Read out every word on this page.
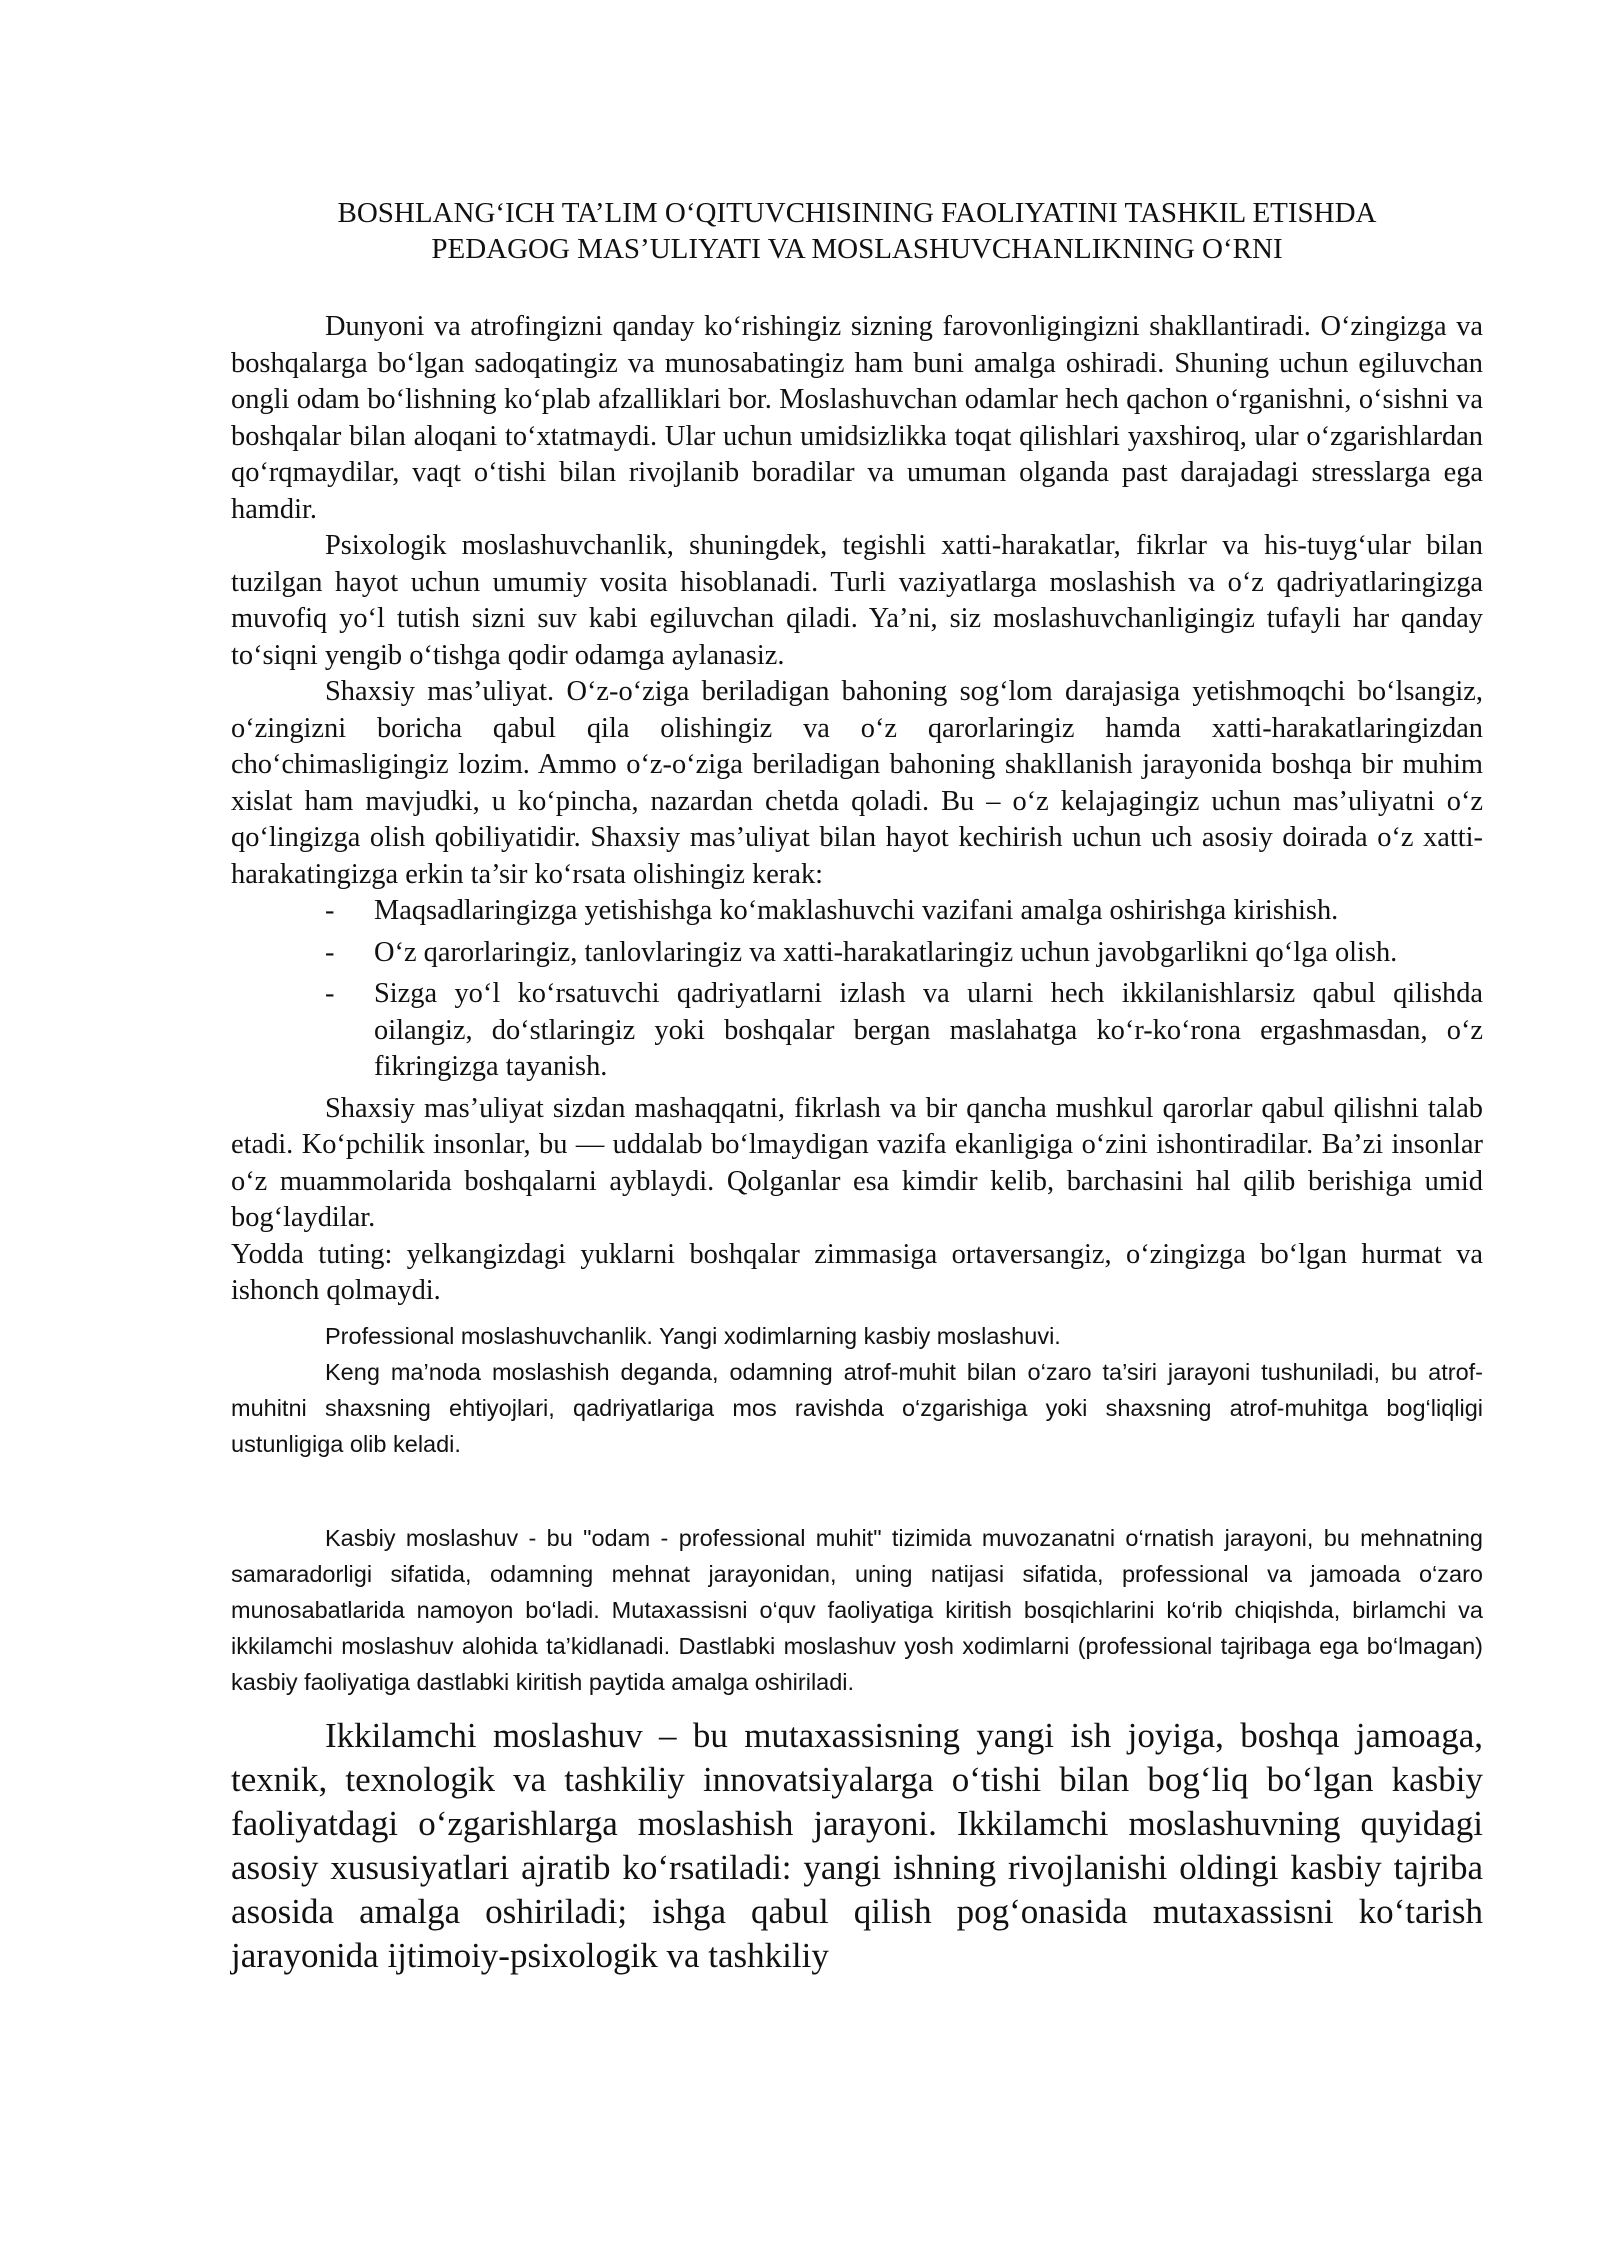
BOSHLANG‘ICH TA’LIM O‘QITUVCHISINING FAOLIYATINI TASHKIL ETISHDA
PEDAGOG MAS’ULIYATI VA MOSLASHUVCHANLIKNING O‘RNI

Dunyoni va atrofingizni qanday ko‘rishingiz sizning farovonligingizni shakllantiradi. O‘zingizga va boshqalarga bo‘lgan sadoqatingiz va munosabatingiz ham buni amalga oshiradi. Shuning uchun egiluvchan ongli odam bo‘lishning ko‘plab afzalliklari bor. Moslashuvchan odamlar hech qachon o‘rganishni, o‘sishni va boshqalar bilan aloqani to‘xtatmaydi. Ular uchun umidsizlikka toqat qilishlari yaxshiroq, ular o‘zgarishlardan qo‘rqmaydilar, vaqt o‘tishi bilan rivojlanib boradilar va umuman olganda past darajadagi stresslarga ega hamdir.

Psixologik moslashuvchanlik, shuningdek, tegishli xatti-harakatlar, fikrlar va his-tuyg‘ular bilan tuzilgan hayot uchun umumiy vosita hisoblanadi. Turli vaziyatlarga moslashish va o‘z qadriyatlaringizga muvofiq yo‘l tutish sizni suv kabi egiluvchan qiladi. Ya’ni, siz moslashuvchanligingiz tufayli har qanday to‘siqni yengib o‘tishga qodir odamga aylanasiz.

Shaxsiy mas’uliyat. O‘z-o‘ziga beriladigan bahoning sog‘lom darajasiga yetishmoqchi bo‘lsangiz, o‘zingizni boricha qabul qila olishingiz va o‘z qarorlaringiz hamda xatti-harakatlaringizdan cho‘chimasligingiz lozim. Ammo o‘z-o‘ziga beriladigan bahoning shakllanish jarayonida boshqa bir muhim xislat ham mavjudki, u ko‘pincha, nazardan chetda qoladi. Bu – o‘z kelajagingiz uchun mas’uliyatni o‘z qo‘lingizga olish qobiliyatidir. Shaxsiy mas’uliyat bilan hayot kechirish uchun uch asosiy doirada o‘z xatti-harakatingizga erkin ta’sir ko‘rsata olishingiz kerak:

- Maqsadlaringizga yetishishga ko‘maklashuvchi vazifani amalga oshirishga kirishish.
- O‘z qarorlaringiz, tanlovlaringiz va xatti-harakatlaringiz uchun javobgarlikni qo‘lga olish.
- Sizga yo‘l ko‘rsatuvchi qadriyatlarni izlash va ularni hech ikkilanishlarsiz qabul qilishda oilangiz, do‘stlaringiz yoki boshqalar bergan maslahatga ko‘r-ko‘rona ergashmasdan, o‘z fikringizga tayanish.

Shaxsiy mas’uliyat sizdan mashaqqatni, fikrlash va bir qancha mushkul qarorlar qabul qilishni talab etadi. Ko‘pchilik insonlar, bu — uddalab bo‘lmaydigan vazifa ekanligiga o‘zini ishontiradilar. Ba’zi insonlar o‘z muammolarida boshqalarni ayblaydi. Qolganlar esa kimdir kelib, barchasini hal qilib berishiga umid bog‘laydilar.

Yodda tuting: yelkangizdagi yuklarni boshqalar zimmasiga ortaversangiz, o‘zingizga bo‘lgan hurmat va ishonch qolmaydi.

Professional moslashuvchanlik. Yangi xodimlarning kasbiy moslashuvi.

Keng ma’noda moslashish deganda, odamning atrof-muhit bilan o‘zaro ta’siri jarayoni tushuniladi, bu atrof-muhitni shaxsning ehtiyojlari, qadriyatlariga mos ravishda o‘zgarishiga yoki shaxsning atrof-muhitga bog‘liqligi ustunligiga olib keladi.

Kasbiy moslashuv - bu "odam - professional muhit" tizimida muvozanatni o‘rnatish jarayoni, bu mehnatning samaradorligi sifatida, odamning mehnat jarayonidan, uning natijasi sifatida, professional va jamoada o‘zaro munosabatlarida namoyon bo‘ladi. Mutaxassisni o‘quv faoliyatiga kiritish bosqichlarini ko‘rib chiqishda, birlamchi va ikkilamchi moslashuv alohida ta’kidlanadi. Dastlabki moslashuv yosh xodimlarni (professional tajribaga ega bo‘lmagan) kasbiy faoliyatiga dastlabki kiritish paytida amalga oshiriladi.

Ikkilamchi moslashuv – bu mutaxassisning yangi ish joyiga, boshqa jamoaga, texnik, texnologik va tashkiliy innovatsiyalarga o‘tishi bilan bog‘liq bo‘lgan kasbiy faoliyatdagi o‘zgarishlarga moslashish jarayoni. Ikkilamchi moslashuvning quyidagi asosiy xususiyatlari ajratib ko‘rsatiladi: yangi ishning rivojlanishi oldingi kasbiy tajriba asosida amalga oshiriladi; ishga qabul qilish pog‘onasida mutaxassisni ko‘tarish jarayonida ijtimoiy-psixologik va tashkiliy
